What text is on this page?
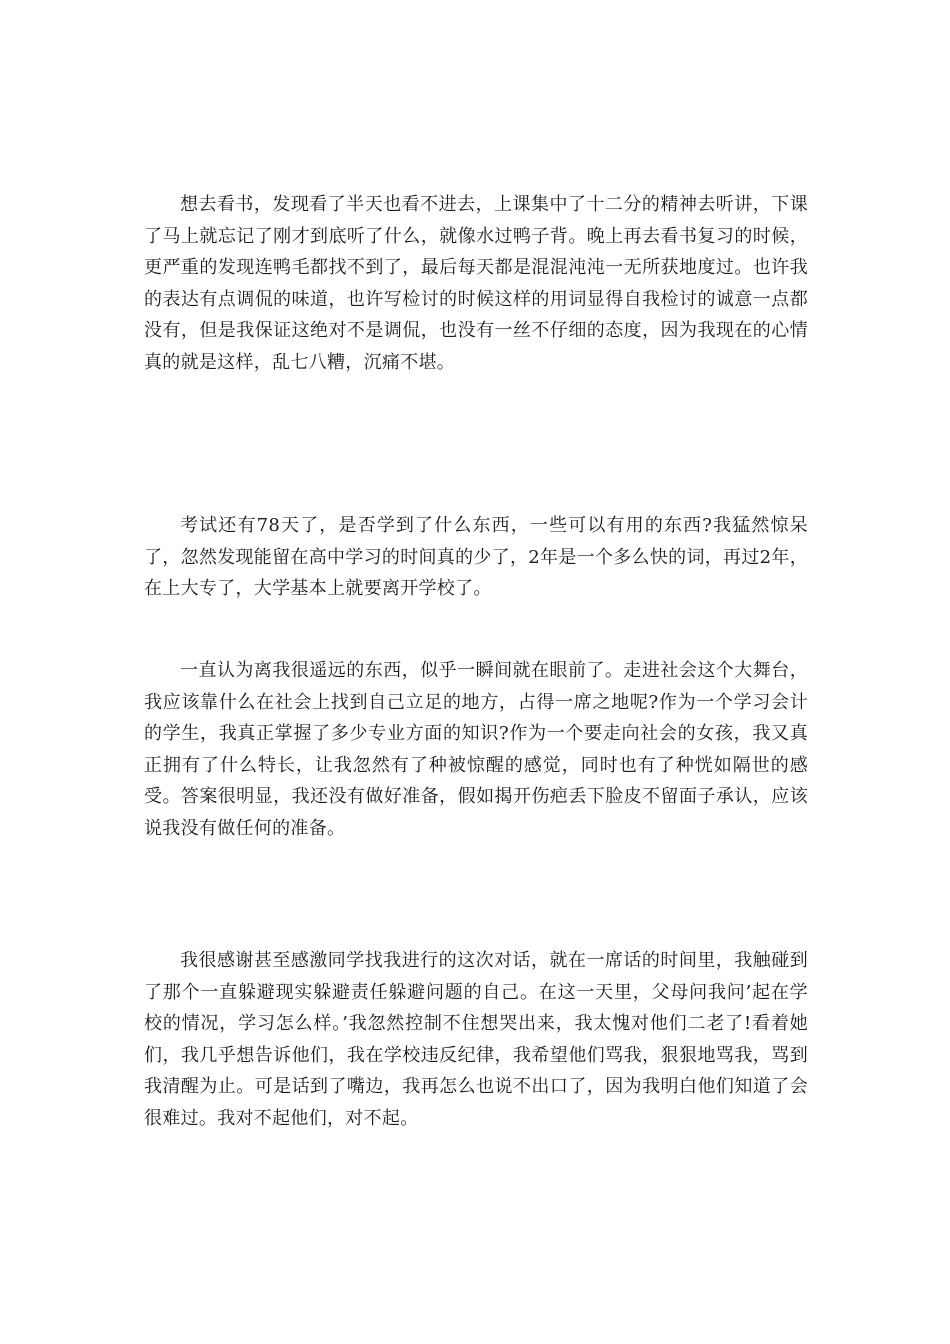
想去看书，发现看了半天也看不进去，上课集中了十二分的精神去听讲，下课了马上就忘记了刚才到底听了什么，就像水过鸭子背。晚上再去看书复习的时候，更严重的发现连鸭毛都找不到了，最后每天都是混混沌沌一无所获地度过。也许我的表达有点调侃的味道，也许写检讨的时候这样的用词显得自我检讨的诚意一点都没有，但是我保证这绝对不是调侃，也没有一丝不仔细的态度，因为我现在的心情真的就是这样，乱七八糟，沉痛不堪。

考试还有78天了，是否学到了什么东西，一些可以有用的东西?我猛然惊呆了，忽然发现能留在高中学习的时间真的少了，2年是一个多么快的词，再过2年，在上大专了，大学基本上就要离开学校了。

一直认为离我很遥远的东西，似乎一瞬间就在眼前了。走进社会这个大舞台，我应该靠什么在社会上找到自己立足的地方，占得一席之地呢?作为一个学习会计的学生，我真正掌握了多少专业方面的知识?作为一个要走向社会的女孩，我又真正拥有了什么特长，让我忽然有了种被惊醒的感觉，同时也有了种恍如隔世的感受。答案很明显，我还没有做好准备，假如揭开伤疤丢下脸皮不留面子承认，应该说我没有做任何的准备。

我很感谢甚至感激同学找我进行的这次对话，就在一席话的时间里，我触碰到了那个一直躲避现实躲避责任躲避问题的自己。在这一天里，父母问我问’起在学校的情况，学习怎么样。’我忽然控制不住想哭出来，我太愧对他们二老了!看着她们，我几乎想告诉他们，我在学校违反纪律，我希望他们骂我，狠狠地骂我，骂到我清醒为止。可是话到了嘴边，我再怎么也说不出口了，因为我明白他们知道了会很难过。我对不起他们，对不起。
